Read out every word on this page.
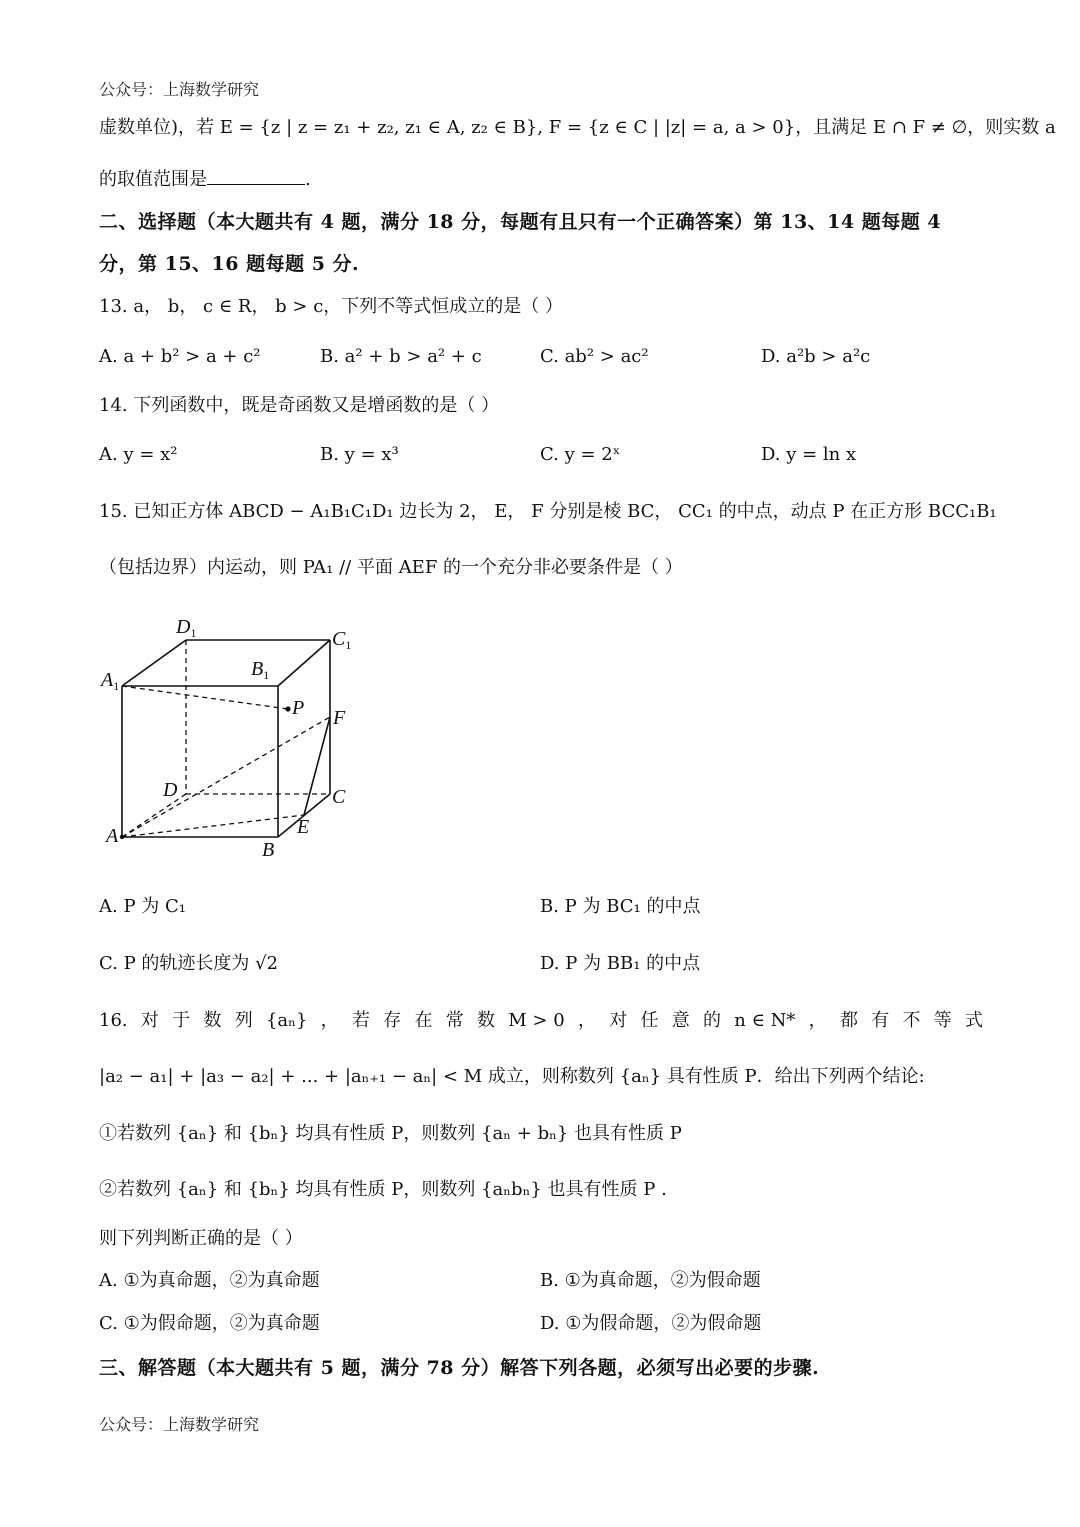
公众号：上海数学研究
虚数单位)，若 E = {z | z = z₁ + z₂, z₁ ∈ A, z₂ ∈ B}, F = {z ∈ C | |z| = a, a > 0}，且满足 E ∩ F ≠ ∅，则实数 a
的取值范围是	.
二、选择题（本大题共有 4 题，满分 18 分，每题有且只有一个正确答案）第 13、14 题每题 4
分，第 15、16 题每题 5 分.
13. a， b， c ∈ R， b > c，下列不等式恒成立的是（ ）
A. a + b² > a + c²	B. a² + b > a² + c	C. ab² > ac²	D. a²b > a²c
14. 下列函数中，既是奇函数又是增函数的是（ ）
A. y = x²	B. y = x³	C. y = 2ˣ	D. y = ln x
15. 已知正方体 ABCD − A₁B₁C₁D₁ 边长为 2， E， F 分别是棱 BC， CC₁ 的中点，动点 P 在正方形 BCC₁B₁
（包括边界）内运动，则 PA₁ // 平面 AEF 的一个充分非必要条件是（ ）
$D_1$	$C_1$
$B_1$
$A_1$
P F
D	C
A	E
B
A. P 为 C₁	B. P 为 BC₁ 的中点
C. P 的轨迹长度为 √2	D. P 为 BB₁ 的中点
16. 对 于 数 列 {aₙ} ， 若 存 在 常 数 M > 0 ， 对 任 意 的 n ∈ N* ， 都 有 不 等 式
|a₂ − a₁| + |a₃ − a₂| + ... + |aₙ₊₁ − aₙ| < M 成立，则称数列 {aₙ} 具有性质 P．给出下列两个结论:
①若数列 {aₙ} 和 {bₙ} 均具有性质 P，则数列 {aₙ + bₙ} 也具有性质 P
②若数列 {aₙ} 和 {bₙ} 均具有性质 P，则数列 {aₙbₙ} 也具有性质 P .
则下列判断正确的是（ ）
A. ①为真命题，②为真命题	B. ①为真命题，②为假命题
C. ①为假命题，②为真命题	D. ①为假命题，②为假命题
三、解答题（本大题共有 5 题，满分 78 分）解答下列各题，必须写出必要的步骤.
公众号：上海数学研究
